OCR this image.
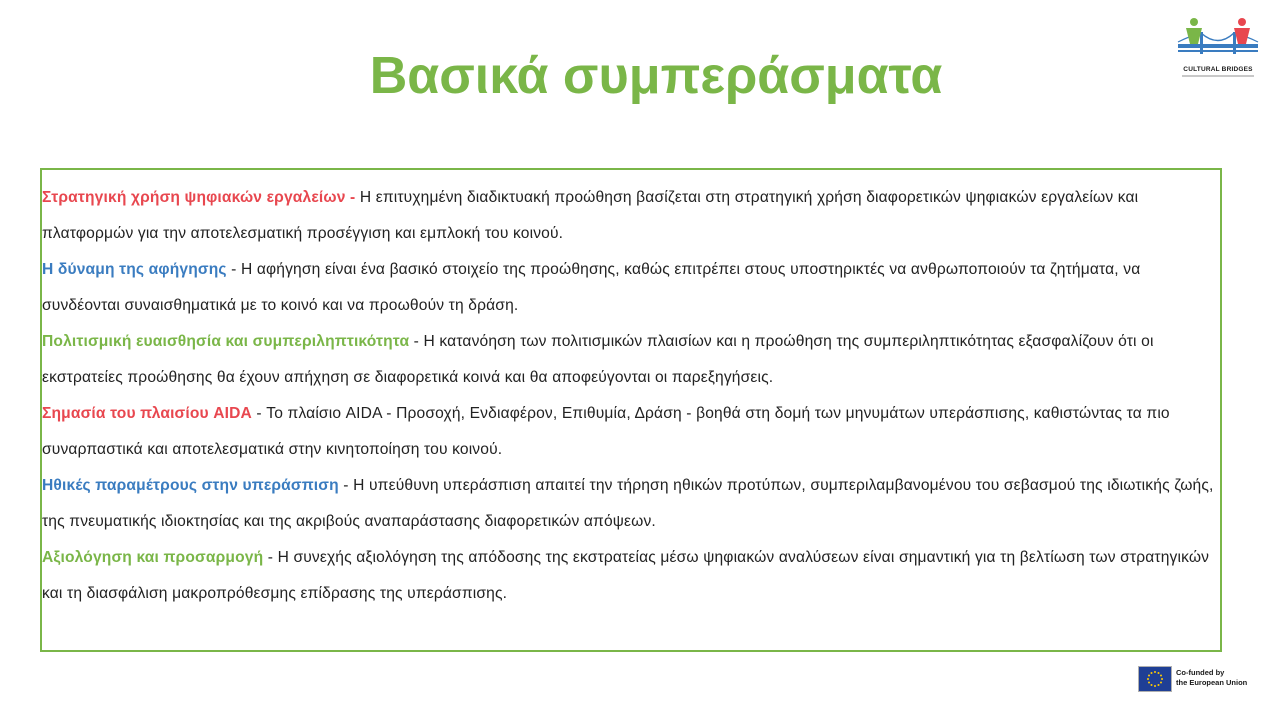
Βασικά συμπεράσματα	CULTURAL BRIDGES

Στρατηγική χρήση ψηφιακών εργαλείων - Η επιτυχημένη διαδικτυακή προώθηση βασίζεται στη στρατηγική χρήση διαφορετικών ψηφιακών εργαλείων και πλατφορμών για την αποτελεσματική προσέγγιση και εμπλοκή του κοινού.

Η δύναμη της αφήγησης - Η αφήγηση είναι ένα βασικό στοιχείο της προώθησης, καθώς επιτρέπει στους υποστηρικτές να ανθρωποποιούν τα ζητήματα, να συνδέονται συναισθηματικά με το κοινό και να προωθούν τη δράση.

Πολιτισμική ευαισθησία και συμπεριληπτικότητα - Η κατανόηση των πολιτισμικών πλαισίων και η προώθηση της συμπεριληπτικότητας εξασφαλίζουν ότι οι εκστρατείες προώθησης θα έχουν απήχηση σε διαφορετικά κοινά και θα αποφεύγονται οι παρεξηγήσεις.

Σημασία του πλαισίου AIDA - Το πλαίσιο AIDA - Προσοχή, Ενδιαφέρον, Επιθυμία, Δράση - βοηθά στη δομή των μηνυμάτων υπεράσπισης, καθιστώντας τα πιο συναρπαστικά και αποτελεσματικά στην κινητοποίηση του κοινού.

Ηθικές παραμέτρους στην υπεράσπιση - Η υπεύθυνη υπεράσπιση απαιτεί την τήρηση ηθικών προτύπων, συμπεριλαμβανομένου του σεβασμού της ιδιωτικής ζωής, της πνευματικής ιδιοκτησίας και της ακριβούς αναπαράστασης διαφορετικών απόψεων.

Αξιολόγηση και προσαρμογή - Η συνεχής αξιολόγηση της απόδοσης της εκστρατείας μέσω ψηφιακών αναλύσεων είναι σημαντική για τη βελτίωση των στρατηγικών και τη διασφάλιση μακροπρόθεσμης επίδρασης της υπεράσπισης.

Co-funded by
the European Union
